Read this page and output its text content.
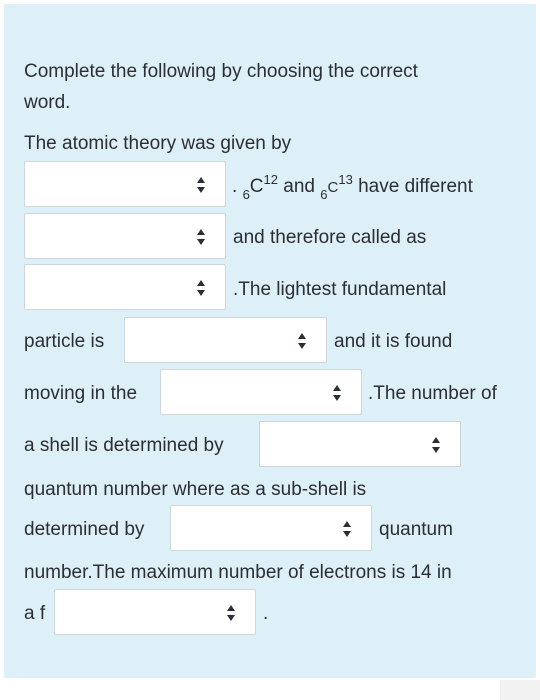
Complete the following by choosing the correct
word.
The atomic theory was given by
. $_6C^{12}$ and $_6C^{13}$ have different
and therefore called as
.The lightest fundamental
particle is	and it is found
moving in the	.The number of
a shell is determined by
quantum number where as a sub-shell is
determined by	quantum
number.The maximum number of electrons is 14 in
a f	.
